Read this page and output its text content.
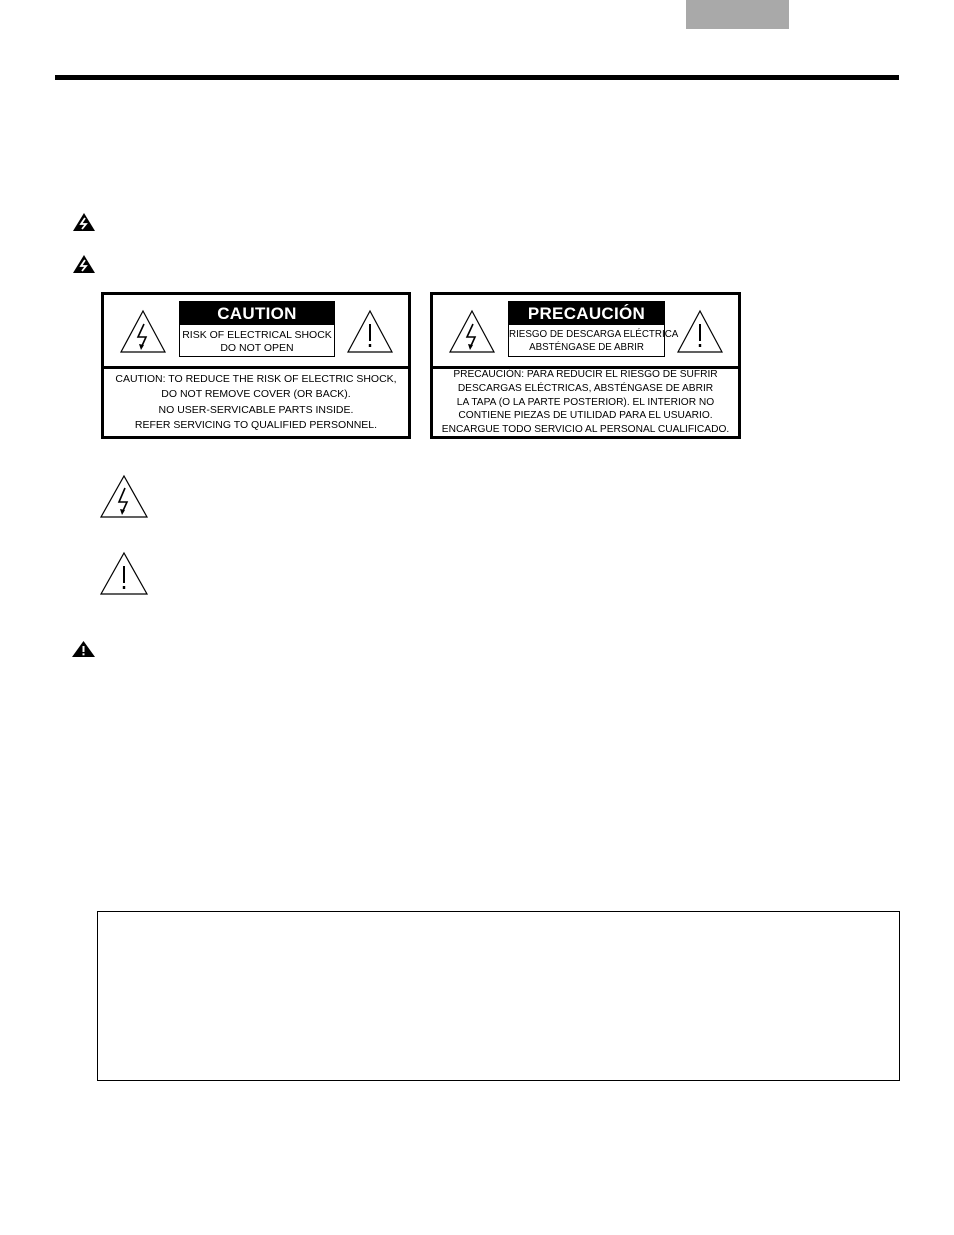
CAUTION
RISK OF ELECTRICAL SHOCK
DO NOT OPEN
CAUTION: TO REDUCE THE RISK OF ELECTRIC SHOCK,
DO NOT REMOVE COVER (OR BACK).
NO USER-SERVICABLE PARTS INSIDE.
REFER SERVICING TO QUALIFIED PERSONNEL.
PRECAUCIÓN
RIESGO DE DESCARGA ELÉCTRICA
ABSTÉNGASE DE ABRIR
PRECAUCIÓN: PARA REDUCIR EL RIESGO DE SUFRIR
DESCARGAS ELÉCTRICAS, ABSTÉNGASE DE ABRIR
LA TAPA (O LA PARTE POSTERIOR). EL INTERIOR NO
CONTIENE PIEZAS DE UTILIDAD PARA EL USUARIO.
ENCARGUE TODO SERVICIO AL PERSONAL CUALIFICADO.
